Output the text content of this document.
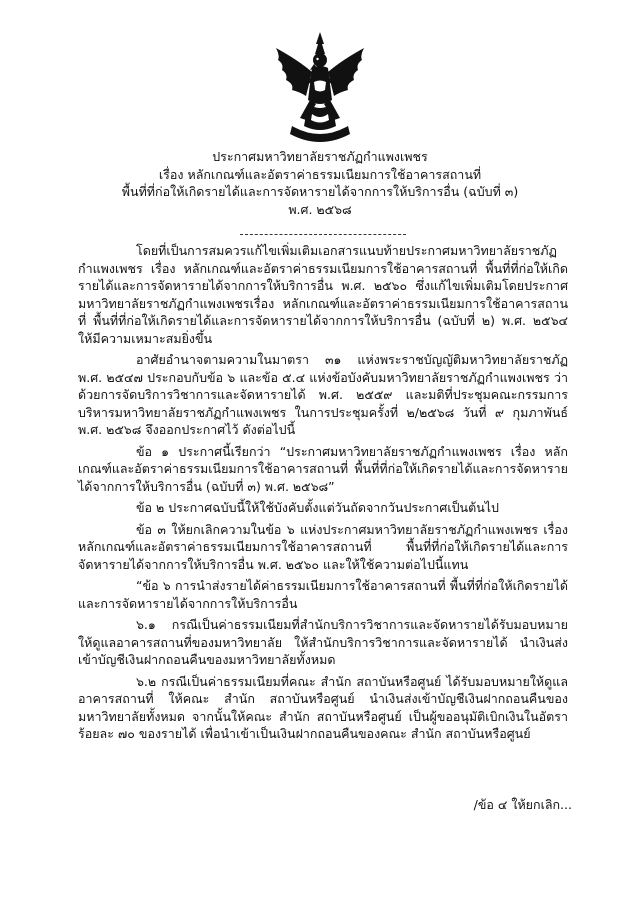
ประกาศมหาวิทยาลัยราชภัฏกำแพงเพชร
เรื่อง หลักเกณฑ์และอัตราค่าธรรมเนียมการใช้อาคารสถานที่
พื้นที่ที่ก่อให้เกิดรายได้และการจัดหารายได้จากการให้บริการอื่น (ฉบับที่ ๓)
พ.ศ. ๒๕๖๘

โดยที่เป็นการสมควรแก้ไขเพิ่มเติมเอกสารแนบท้ายประกาศมหาวิทยาลัยราชภัฏกำแพงเพชร เรื่อง หลักเกณฑ์และอัตราค่าธรรมเนียมการใช้อาคารสถานที่ พื้นที่ที่ก่อให้เกิดรายได้และการจัดหารายได้จากการให้บริการอื่น พ.ศ. ๒๕๖๐ ซึ่งแก้ไขเพิ่มเติมโดยประกาศมหาวิทยาลัยราชภัฏกำแพงเพชรเรื่อง หลักเกณฑ์และอัตราค่าธรรมเนียมการใช้อาคารสถานที่ พื้นที่ที่ก่อให้เกิดรายได้และการจัดหารายได้จากการให้บริการอื่น (ฉบับที่ ๒) พ.ศ. ๒๕๖๔ ให้มีความเหมาะสมยิ่งขึ้น

อาศัยอำนาจตามความในมาตรา ๓๑ แห่งพระราชบัญญัติมหาวิทยาลัยราชภัฏ พ.ศ. ๒๕๔๗ ประกอบกับข้อ ๖ และข้อ ๕.๔ แห่งข้อบังคับมหาวิทยาลัยราชภัฏกำแพงเพชร ว่าด้วยการจัดบริการวิชาการและจัดหารายได้ พ.ศ. ๒๕๕๙ และมติที่ประชุมคณะกรรมการบริหารมหาวิทยาลัยราชภัฏกำแพงเพชร ในการประชุมครั้งที่ ๒/๒๕๖๘ วันที่ ๙ กุมภาพันธ์ พ.ศ. ๒๕๖๘ จึงออกประกาศไว้ ดังต่อไปนี้

ข้อ ๑ ประกาศนี้เรียกว่า “ประกาศมหาวิทยาลัยราชภัฏกำแพงเพชร เรื่อง หลักเกณฑ์และอัตราค่าธรรมเนียมการใช้อาคารสถานที่ พื้นที่ที่ก่อให้เกิดรายได้และการจัดหารายได้จากการให้บริการอื่น (ฉบับที่ ๓) พ.ศ. ๒๕๖๘”

ข้อ ๒ ประกาศฉบับนี้ให้ใช้บังคับตั้งแต่วันถัดจากวันประกาศเป็นต้นไป

ข้อ ๓ ให้ยกเลิกความในข้อ ๖ แห่งประกาศมหาวิทยาลัยราชภัฏกำแพงเพชร เรื่อง หลักเกณฑ์และอัตราค่าธรรมเนียมการใช้อาคารสถานที่ พื้นที่ที่ก่อให้เกิดรายได้และการจัดหารายได้จากการให้บริการอื่น พ.ศ. ๒๕๖๐ และให้ใช้ความต่อไปนี้แทน

“ข้อ ๖ การนำส่งรายได้ค่าธรรมเนียมการใช้อาคารสถานที่ พื้นที่ที่ก่อให้เกิดรายได้และการจัดหารายได้จากการให้บริการอื่น

๖.๑ กรณีเป็นค่าธรรมเนียมที่สำนักบริการวิชาการและจัดหารายได้รับมอบหมายให้ดูแลอาคารสถานที่ของมหาวิทยาลัย ให้สำนักบริการวิชาการและจัดหารายได้ นำเงินส่งเข้าบัญชีเงินฝากถอนคืนของมหาวิทยาลัยทั้งหมด

๖.๒ กรณีเป็นค่าธรรมเนียมที่คณะ สำนัก สถาบันหรือศูนย์ ได้รับมอบหมายให้ดูแลอาคารสถานที่ ให้คณะ สำนัก สถาบันหรือศูนย์ นำเงินส่งเข้าบัญชีเงินฝากถอนคืนของมหาวิทยาลัยทั้งหมด จากนั้นให้คณะ สำนัก สถาบันหรือศูนย์ เป็นผู้ขออนุมัติเบิกเงินในอัตราร้อยละ ๗๐ ของรายได้ เพื่อนำเข้าเป็นเงินฝากถอนคืนของคณะ สำนัก สถาบันหรือศูนย์

/ข้อ ๔ ให้ยกเลิก...
